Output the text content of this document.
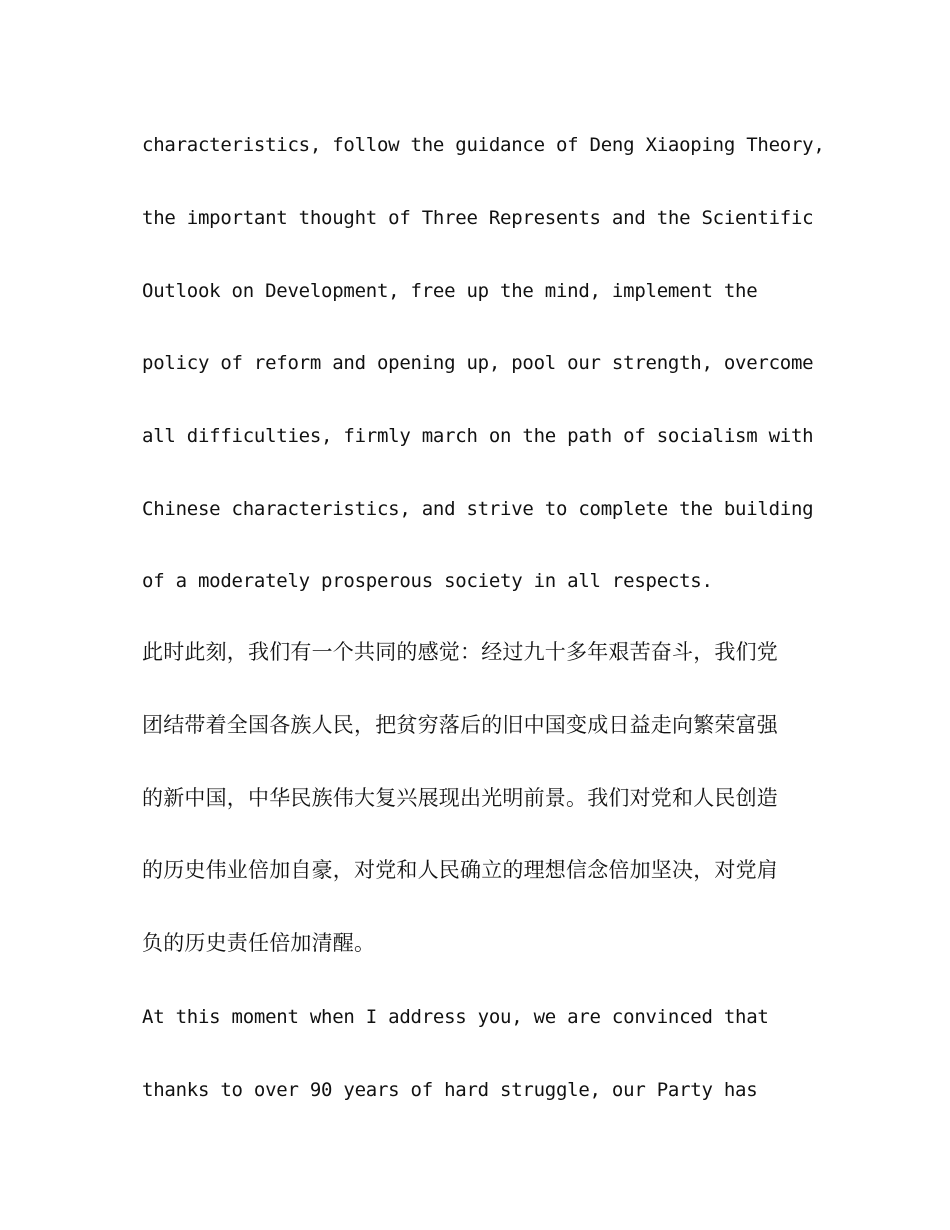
characteristics, follow the guidance of Deng Xiaoping Theory,

the important thought of Three Represents and the Scientific

Outlook on Development, free up the mind, implement the

policy of reform and opening up, pool our strength, overcome

all difficulties, firmly march on the path of socialism with

Chinese characteristics, and strive to complete the building

of a moderately prosperous society in all respects.

此时此刻，我们有一个共同的感觉：经过九十多年艰苦奋斗，我们党

团结带着全国各族人民，把贫穷落后的旧中国变成日益走向繁荣富强

的新中国，中华民族伟大复兴展现出光明前景。我们对党和人民创造

的历史伟业倍加自豪，对党和人民确立的理想信念倍加坚决，对党肩

负的历史责任倍加清醒。

At this moment when I address you, we are convinced that

thanks to over 90 years of hard struggle, our Party has
